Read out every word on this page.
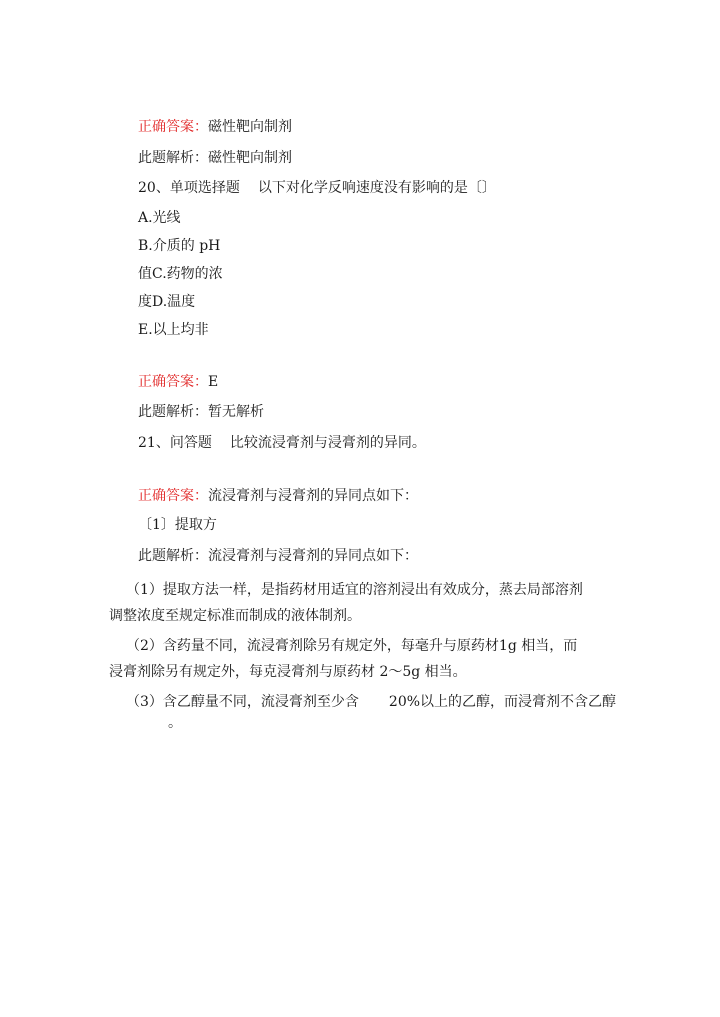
正确答案：磁性靶向制剂
此题解析：磁性靶向制剂
20、单项选择题 以下对化学反响速度没有影响的是〔〕
A.光线
B.介质的 pH
值C.药物的浓
度D.温度
E.以上均非
正确答案：E
此题解析：暂无解析
21、问答题 比较流浸膏剂与浸膏剂的异同。
正确答案：流浸膏剂与浸膏剂的异同点如下：
〔1〕提取方
此题解析：流浸膏剂与浸膏剂的异同点如下：
（1）提取方法一样，是指药材用适宜的溶剂浸出有效成分，蒸去局部溶剂
调整浓度至规定标准而制成的液体制剂。
（2）含药量不同，流浸膏剂除另有规定外，每毫升与原药材1g 相当，而
浸膏剂除另有规定外，每克浸膏剂与原药材 2～5g 相当。
（3）含乙醇量不同，流浸膏剂至少含 20%以上的乙醇，而浸膏剂不含乙醇
。
